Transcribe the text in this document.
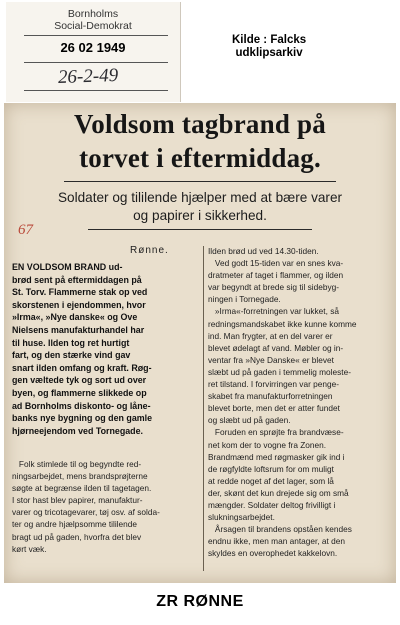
Bornholms
Social-Demokrat
26 02 1949
26-2-49
Kilde : Falcks
udklipsarkiv
Voldsom tagbrand på
torvet i eftermiddag.
Soldater og tililende hjælper med at bære varer
og papirer i sikkerhed.
67
Rønne.

EN VOLDSOM BRAND ud-
brød sent på eftermiddagen på
St. Torv. Flammerne stak op ved
skorstenen i ejendommen, hvor
»Irma«, »Nye danske« og Ove
Nielsens manufakturhandel har
til huse. Ilden tog ret hurtigt
fart, og den stærke vind gav
snart ilden omfang og kraft. Røg-
gen væltede tyk og sort ud over
byen, og flammerne slikkede op
ad Bornholms diskonto- og låne-
banks nye bygning og den gamle
hjørneejendom ved Tornegade.

Folk stimlede til og begyndte red-
ningsarbejdet, mens brandsprøjterne
søgte at begrænse ilden til tagetagen.
I stor hast blev papirer, manufaktur-
varer og tricotagevarer, tøj osv. af solda-
ter og andre hjælpsomme tililende
bragt ud på gaden, hvorfra det blev
kørt væk.

Ilden brød ud ved 14.30-tiden.
Ved godt 15-tiden var en snes kva-
dratmeter af taget i flammer, og ilden
var begyndt at brede sig til sidebyg-
ningen i Tornegade.
»Irma«-forretningen var lukket, så
redningsmandskabet ikke kunne komme
ind. Man frygter, at en del varer er
blevet ødelagt af vand. Møbler og in-
ventar fra »Nye Danske« er blevet
slæbt ud på gaden i temmelig moleste-
ret tilstand. I forvirringen var penge-
skabet fra manufakturforretningen
blevet borte, men det er atter fundet
og slæbt ud på gaden.
Foruden en sprøjte fra brandvæse-
net kom der to vogne fra Zonen.
Brandmænd med røgmasker gik ind i
de røgfyldte loftsrum for om muligt
at redde noget af det lager, som lå
der, skønt det kun drejede sig om små
mængder. Soldater deltog frivilligt i
slukningsarbejdet.
Årsagen til brandens opståen kendes
endnu ikke, men man antager, at den
skyldes en overophedet kakkelovn.

ZR RØNNE
